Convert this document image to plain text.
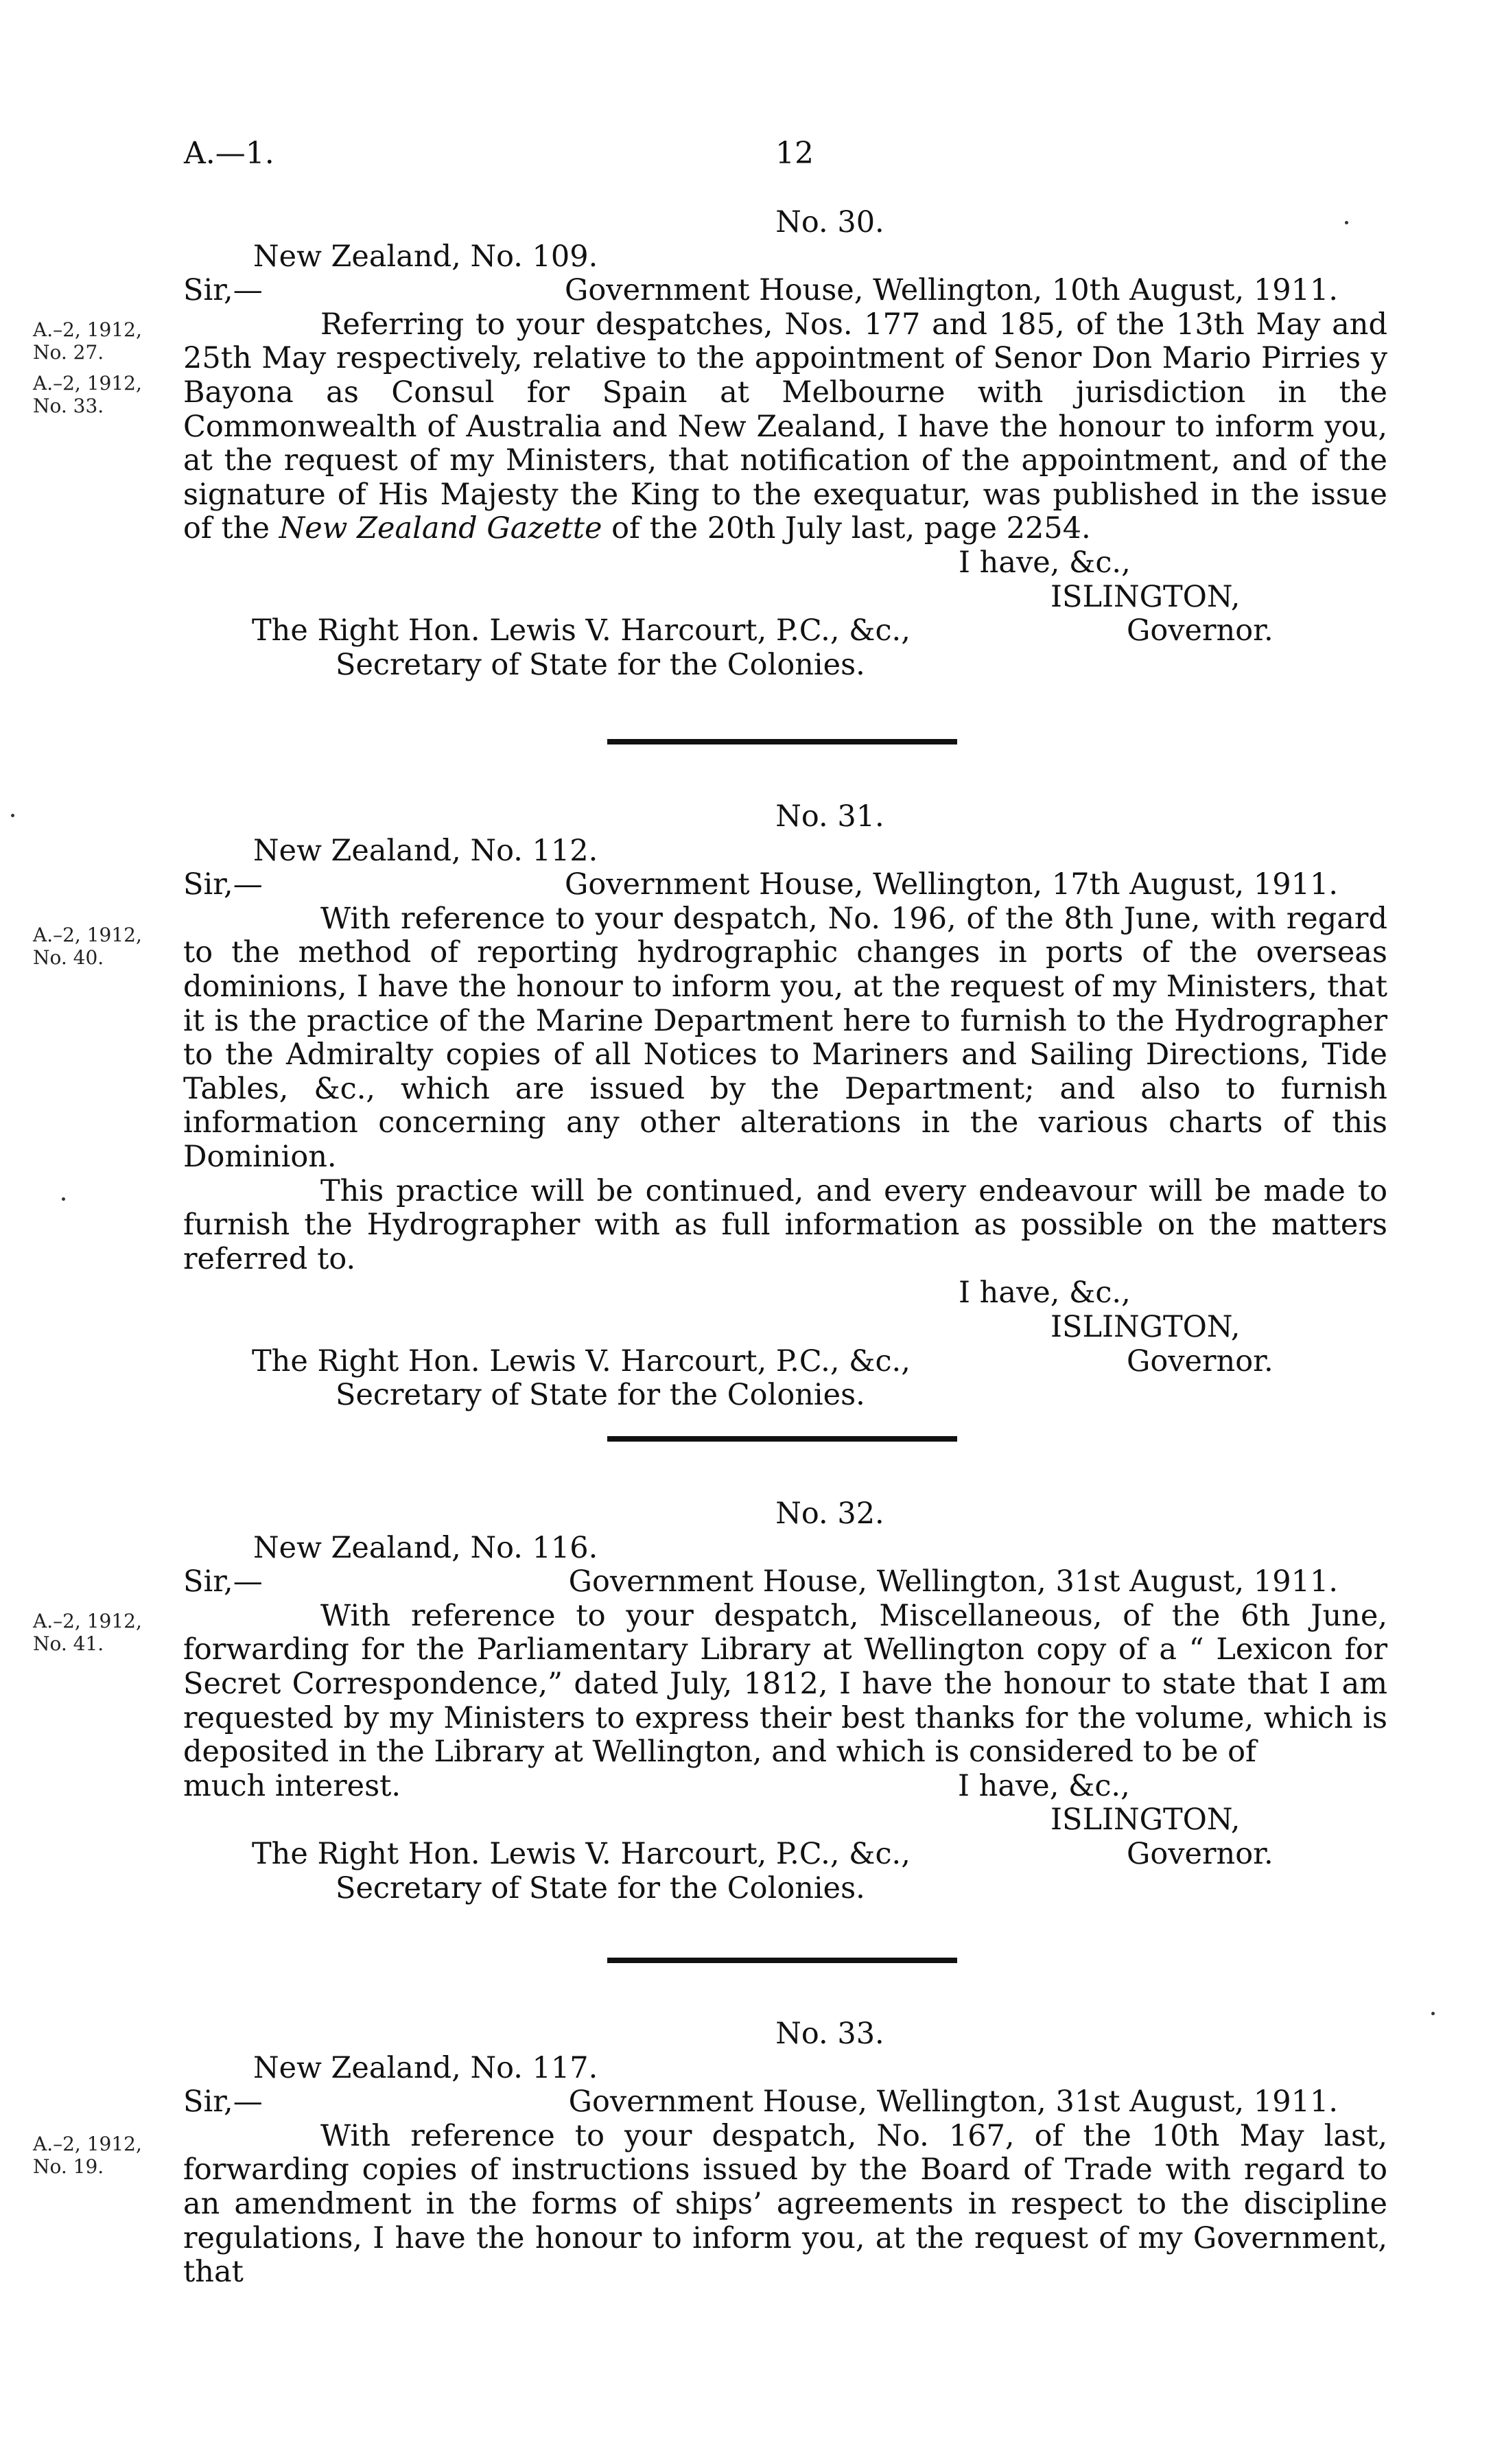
A.—1.	12
A.–2, 1912,
No. 27.
A.–2, 1912,
No. 33.
No. 30.
New Zealand, No. 109.
Sir,—	Government House, Wellington, 10th August, 1911.

Referring to your despatches, Nos. 177 and 185, of the 13th May and 25th May respectively, relative to the appointment of Senor Don Mario Pirries y Bayona as Consul for Spain at Melbourne with jurisdiction in the Commonwealth of Australia and New Zealand, I have the honour to inform you, at the request of my Ministers, that notification of the appointment, and of the signature of His Majesty the King to the exequatur, was published in the issue of the New Zealand Gazette of the 20th July last, page 2254.

I have, &c.,
ISLINGTON,
The Right Hon. Lewis V. Harcourt, P.C., &c.,	Governor.
Secretary of State for the Colonies.
A.–2, 1912,
No. 40.
No. 31.
New Zealand, No. 112.
Sir,—	Government House, Wellington, 17th August, 1911.

With reference to your despatch, No. 196, of the 8th June, with regard to the method of reporting hydrographic changes in ports of the overseas dominions, I have the honour to inform you, at the request of my Ministers, that it is the practice of the Marine Department here to furnish to the Hydrographer to the Admiralty copies of all Notices to Mariners and Sailing Directions, Tide Tables, &c., which are issued by the Department; and also to furnish information concerning any other alterations in the various charts of this Dominion.

This practice will be continued, and every endeavour will be made to furnish the Hydrographer with as full information as possible on the matters referred to.

I have, &c.,
ISLINGTON,
The Right Hon. Lewis V. Harcourt, P.C., &c.,	Governor.
Secretary of State for the Colonies.
A.–2, 1912,
No. 41.
No. 32.
New Zealand, No. 116.
Sir,—	Government House, Wellington, 31st August, 1911.

With reference to your despatch, Miscellaneous, of the 6th June, forwarding for the Parliamentary Library at Wellington copy of a “ Lexicon for Secret Correspondence,” dated July, 1812, I have the honour to state that I am requested by my Ministers to express their best thanks for the volume, which is deposited in the Library at Wellington, and which is considered to be of

much interest.	I have, &c.,
ISLINGTON,
The Right Hon. Lewis V. Harcourt, P.C., &c.,	Governor.
Secretary of State for the Colonies.
A.–2, 1912,
No. 19.
No. 33.
New Zealand, No. 117.
Sir,—	Government House, Wellington, 31st August, 1911.

With reference to your despatch, No. 167, of the 10th May last, forwarding copies of instructions issued by the Board of Trade with regard to an amendment in the forms of ships’ agreements in respect to the discipline regulations, I have the honour to inform you, at the request of my Government, that
